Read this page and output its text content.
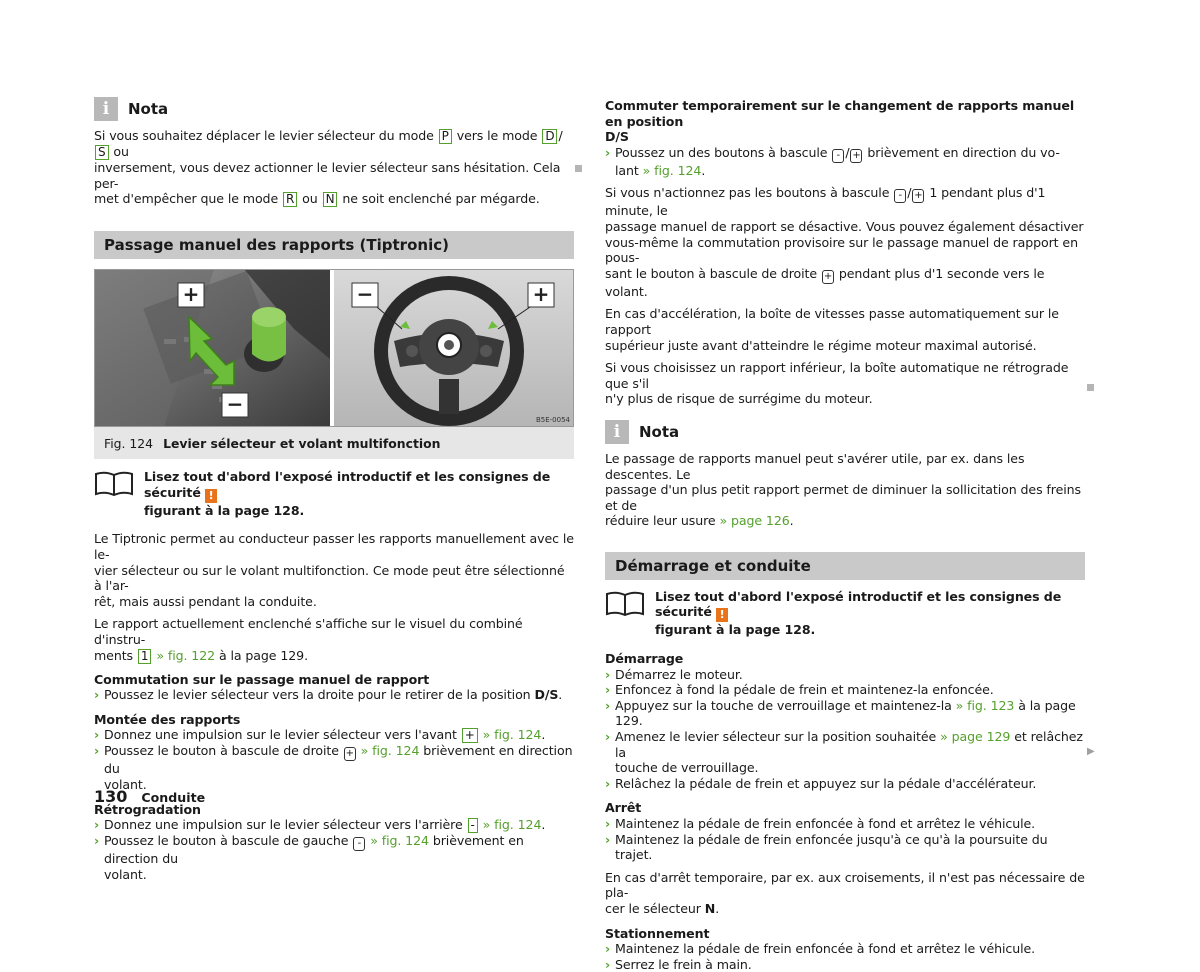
i	Nota

Si vous souhaitez déplacer le levier sélecteur du mode P vers le mode D /S ou
inversement, vous devez actionner le levier sélecteur sans hésitation. Cela per-
met d'empêcher que le mode R ou N ne soit enclenché par mégarde.

Passage manuel des rapports (Tiptronic)
+
−
−	+
B5E-0054
Fig. 124 Levier sélecteur et volant multifonction

Lisez tout d'abord l'exposé introductif et les consignes de sécurité !
figurant à la page 128.

Le Tiptronic permet au conducteur passer les rapports manuellement avec le le-
vier sélecteur ou sur le volant multifonction. Ce mode peut être sélectionné à l'ar-
rêt, mais aussi pendant la conduite.

Le rapport actuellement enclenché s'affiche sur le visuel du combiné d'instru-
ments 1 » fig. 122 à la page 129.

Commutation sur le passage manuel de rapport

› Poussez le levier sélecteur vers la droite pour le retirer de la position D/S.

Montée des rapports

› Donnez une impulsion sur le levier sélecteur vers l'avant + » fig. 124.

› Poussez le bouton à bascule de droite + » fig. 124 brièvement en direction du
volant.

Rétrogradation

› Donnez une impulsion sur le levier sélecteur vers l'arrière - » fig. 124.

› Poussez le bouton à bascule de gauche - » fig. 124 brièvement en direction du
volant.

Commuter temporairement sur le changement de rapports manuel en position
D/S

› Poussez un des boutons à bascule - / + brièvement en direction du vo-
lant » fig. 124.

Si vous n'actionnez pas les boutons à bascule - / + 1 pendant plus d'1 minute, le
passage manuel de rapport se désactive. Vous pouvez également désactiver
vous-même la commutation provisoire sur le passage manuel de rapport en pous-
sant le bouton à bascule de droite + pendant plus d'1 seconde vers le volant.

En cas d'accélération, la boîte de vitesses passe automatiquement sur le rapport
supérieur juste avant d'atteindre le régime moteur maximal autorisé.

Si vous choisissez un rapport inférieur, la boîte automatique ne rétrograde que s'il
n'y plus de risque de surrégime du moteur.

i	Nota

Le passage de rapports manuel peut s'avérer utile, par ex. dans les descentes. Le
passage d'un plus petit rapport permet de diminuer la sollicitation des freins et de
réduire leur usure » page 126.

Démarrage et conduite

Lisez tout d'abord l'exposé introductif et les consignes de sécurité !
figurant à la page 128.

Démarrage

› Démarrez le moteur.

› Enfoncez à fond la pédale de frein et maintenez-la enfoncée.

› Appuyez sur la touche de verrouillage et maintenez-la » fig. 123 à la page 129.

› Amenez le levier sélecteur sur la position souhaitée » page 129 et relâchez la
touche de verrouillage.

› Relâchez la pédale de frein et appuyez sur la pédale d'accélérateur.

Arrêt

› Maintenez la pédale de frein enfoncée à fond et arrêtez le véhicule.

› Maintenez la pédale de frein enfoncée jusqu'à ce qu'à la poursuite du trajet.

En cas d'arrêt temporaire, par ex. aux croisements, il n'est pas nécessaire de pla-
cer le sélecteur N.

Stationnement

› Maintenez la pédale de frein enfoncée à fond et arrêtez le véhicule.

› Serrez le frein à main.

▶
130 Conduite
